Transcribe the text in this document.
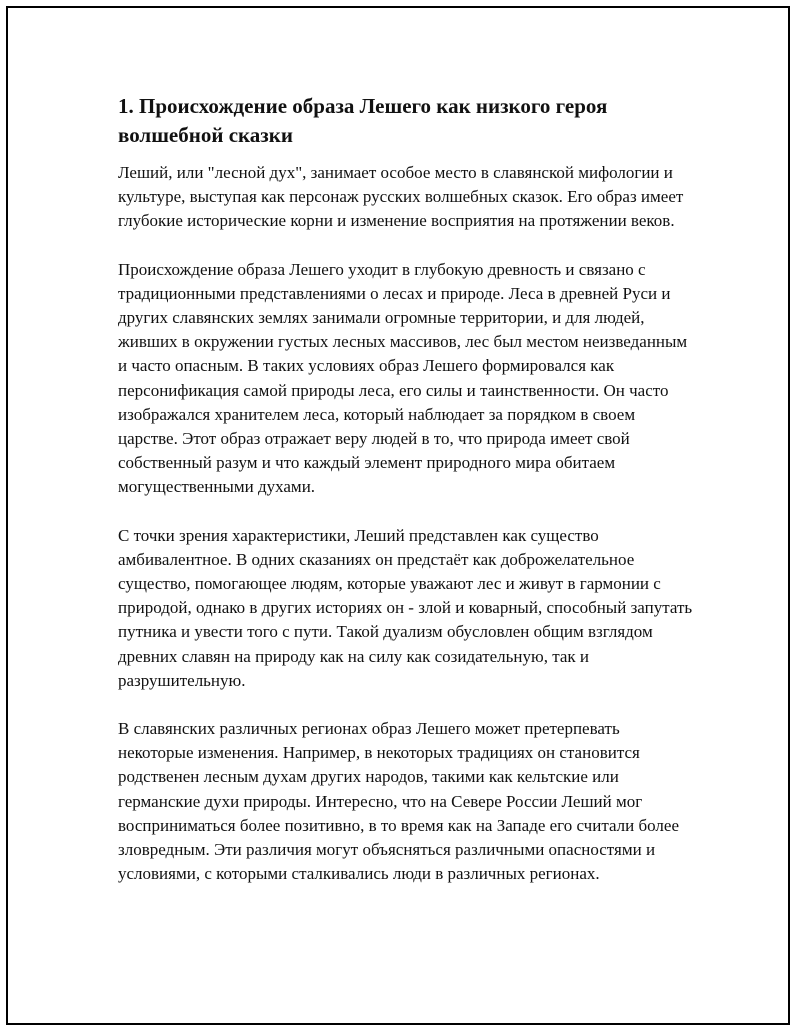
1. Происхождение образа Лешего как низкого героя волшебной сказки

Леший, или "лесной дух", занимает особое место в славянской мифологии и культуре, выступая как персонаж русских волшебных сказок. Его образ имеет глубокие исторические корни и изменение восприятия на протяжении веков.

Происхождение образа Лешего уходит в глубокую древность и связано с традиционными представлениями о лесах и природе. Леса в древней Руси и других славянских землях занимали огромные территории, и для людей, живших в окружении густых лесных массивов, лес был местом неизведанным и часто опасным. В таких условиях образ Лешего формировался как персонификация самой природы леса, его силы и таинственности. Он часто изображался хранителем леса, который наблюдает за порядком в своем царстве. Этот образ отражает веру людей в то, что природа имеет свой собственный разум и что каждый элемент природного мира обитаем могущественными духами.

С точки зрения характеристики, Леший представлен как существо амбивалентное. В одних сказаниях он предстаёт как доброжелательное существо, помогающее людям, которые уважают лес и живут в гармонии с природой, однако в других историях он - злой и коварный, способный запутать путника и увести того с пути. Такой дуализм обусловлен общим взглядом древних славян на природу как на силу как созидательную, так и разрушительную.

В славянских различных регионах образ Лешего может претерпевать некоторые изменения. Например, в некоторых традициях он становится родственен лесным духам других народов, такими как кельтские или германские духи природы. Интересно, что на Севере России Леший мог восприниматься более позитивно, в то время как на Западе его считали более зловредным. Эти различия могут объясняться различными опасностями и условиями, с которыми сталкивались люди в различных регионах.
